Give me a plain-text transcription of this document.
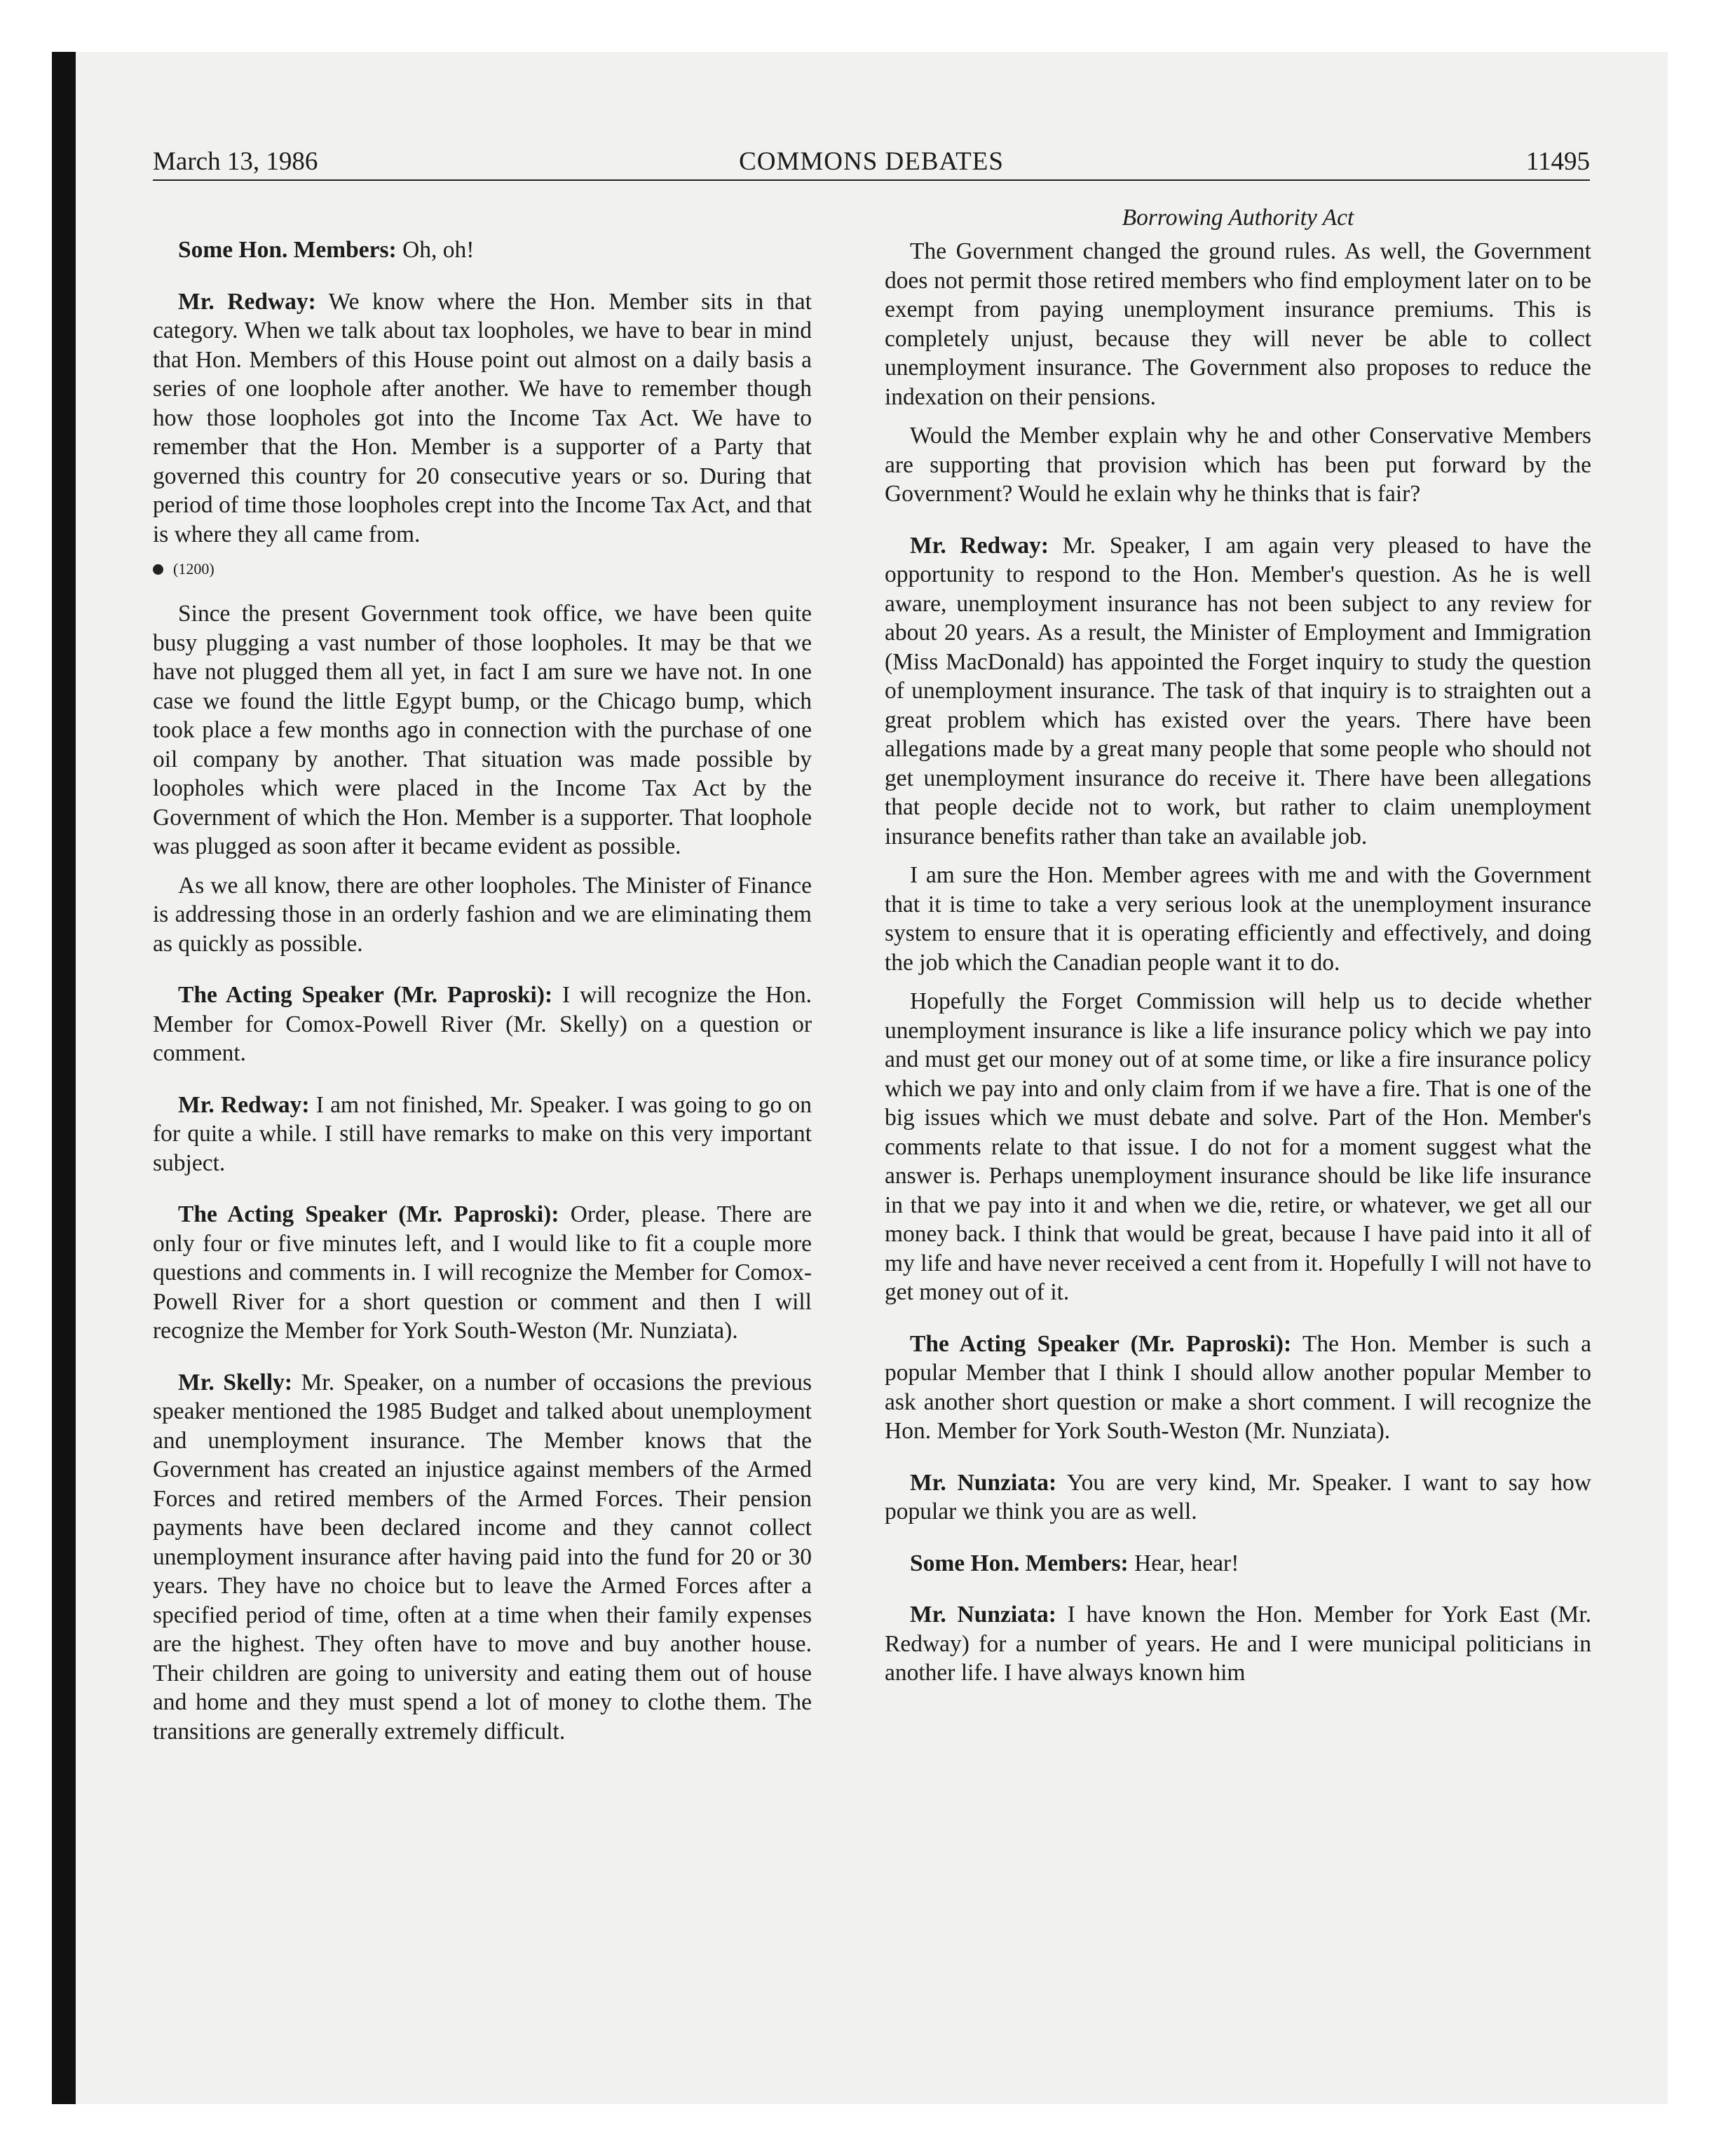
March 13, 1986	COMMONS DEBATES	11495

Some Hon. Members: Oh, oh!

Mr. Redway: We know where the Hon. Member sits in that category. When we talk about tax loopholes, we have to bear in mind that Hon. Members of this House point out almost on a daily basis a series of one loophole after another. We have to remember though how those loopholes got into the Income Tax Act. We have to remember that the Hon. Member is a supporter of a Party that governed this country for 20 consecutive years or so. During that period of time those loopholes crept into the Income Tax Act, and that is where they all came from.

(1200)

Since the present Government took office, we have been quite busy plugging a vast number of those loopholes. It may be that we have not plugged them all yet, in fact I am sure we have not. In one case we found the little Egypt bump, or the Chicago bump, which took place a few months ago in connection with the purchase of one oil company by another. That situation was made possible by loopholes which were placed in the Income Tax Act by the Government of which the Hon. Member is a supporter. That loophole was plugged as soon after it became evident as possible.

As we all know, there are other loopholes. The Minister of Finance is addressing those in an orderly fashion and we are eliminating them as quickly as possible.

The Acting Speaker (Mr. Paproski): I will recognize the Hon. Member for Comox-Powell River (Mr. Skelly) on a question or comment.

Mr. Redway: I am not finished, Mr. Speaker. I was going to go on for quite a while. I still have remarks to make on this very important subject.

The Acting Speaker (Mr. Paproski): Order, please. There are only four or five minutes left, and I would like to fit a couple more questions and comments in. I will recognize the Member for Comox-Powell River for a short question or comment and then I will recognize the Member for York South-Weston (Mr. Nunziata).

Mr. Skelly: Mr. Speaker, on a number of occasions the previous speaker mentioned the 1985 Budget and talked about unemployment and unemployment insurance. The Member knows that the Government has created an injustice against members of the Armed Forces and retired members of the Armed Forces. Their pension payments have been declared income and they cannot collect unemployment insurance after having paid into the fund for 20 or 30 years. They have no choice but to leave the Armed Forces after a specified period of time, often at a time when their family expenses are the highest. They often have to move and buy another house. Their children are going to university and eating them out of house and home and they must spend a lot of money to clothe them. The transitions are generally extremely difficult.

Borrowing Authority Act

The Government changed the ground rules. As well, the Government does not permit those retired members who find employment later on to be exempt from paying unemployment insurance premiums. This is completely unjust, because they will never be able to collect unemployment insurance. The Government also proposes to reduce the indexation on their pensions.

Would the Member explain why he and other Conservative Members are supporting that provision which has been put forward by the Government? Would he exlain why he thinks that is fair?

Mr. Redway: Mr. Speaker, I am again very pleased to have the opportunity to respond to the Hon. Member's question. As he is well aware, unemployment insurance has not been subject to any review for about 20 years. As a result, the Minister of Employment and Immigration (Miss MacDonald) has appointed the Forget inquiry to study the question of unemployment insurance. The task of that inquiry is to straighten out a great problem which has existed over the years. There have been allegations made by a great many people that some people who should not get unemployment insurance do receive it. There have been allegations that people decide not to work, but rather to claim unemployment insurance benefits rather than take an available job.

I am sure the Hon. Member agrees with me and with the Government that it is time to take a very serious look at the unemployment insurance system to ensure that it is operating efficiently and effectively, and doing the job which the Canadian people want it to do.

Hopefully the Forget Commission will help us to decide whether unemployment insurance is like a life insurance policy which we pay into and must get our money out of at some time, or like a fire insurance policy which we pay into and only claim from if we have a fire. That is one of the big issues which we must debate and solve. Part of the Hon. Member's comments relate to that issue. I do not for a moment suggest what the answer is. Perhaps unemployment insurance should be like life insurance in that we pay into it and when we die, retire, or whatever, we get all our money back. I think that would be great, because I have paid into it all of my life and have never received a cent from it. Hopefully I will not have to get money out of it.

The Acting Speaker (Mr. Paproski): The Hon. Member is such a popular Member that I think I should allow another popular Member to ask another short question or make a short comment. I will recognize the Hon. Member for York South-Weston (Mr. Nunziata).

Mr. Nunziata: You are very kind, Mr. Speaker. I want to say how popular we think you are as well.

Some Hon. Members: Hear, hear!

Mr. Nunziata: I have known the Hon. Member for York East (Mr. Redway) for a number of years. He and I were municipal politicians in another life. I have always known him
